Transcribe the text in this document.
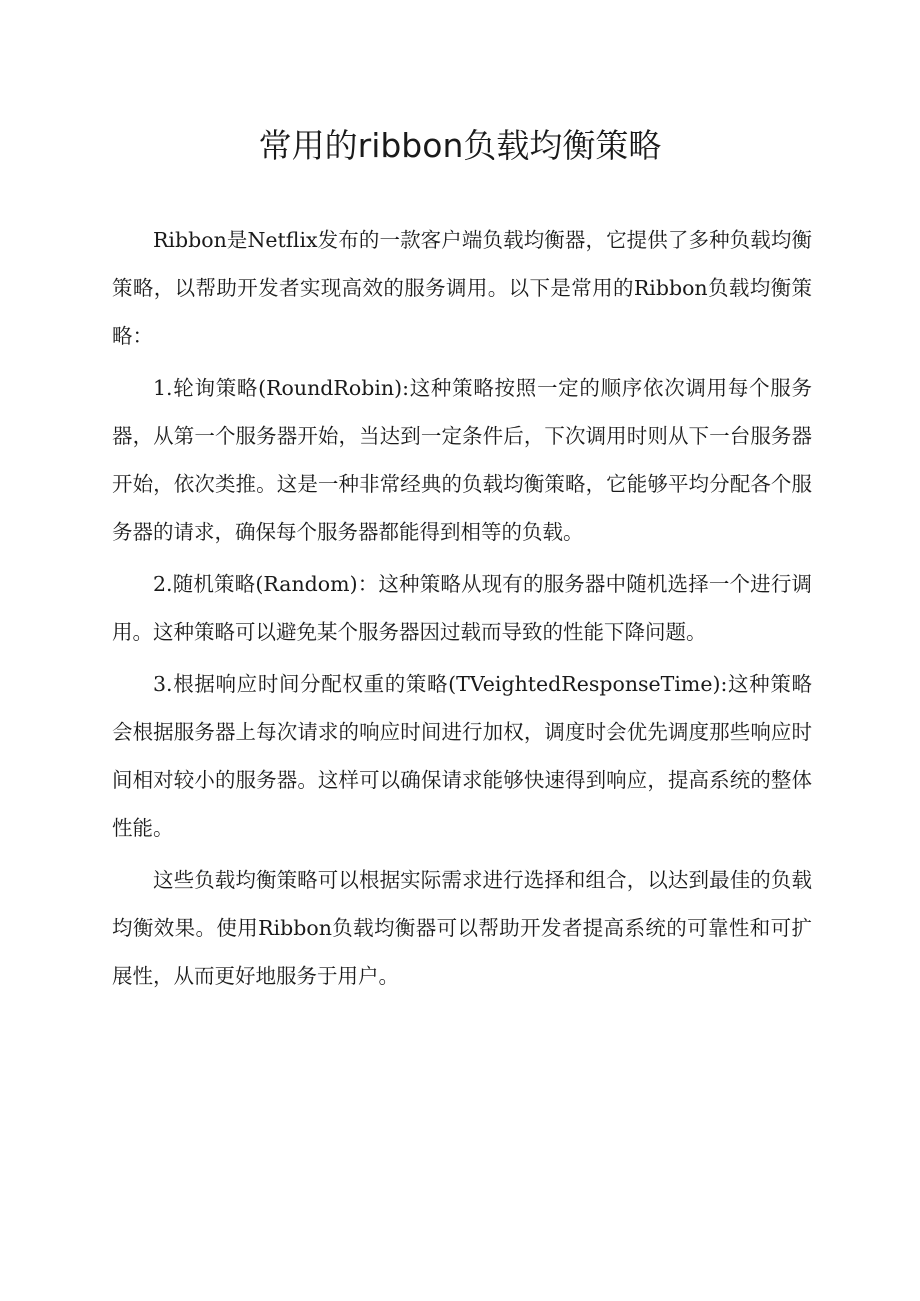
常用的ribbon负载均衡策略

Ribbon是Netflix发布的一款客户端负载均衡器，它提供了多种负载均衡策略，以帮助开发者实现高效的服务调用。以下是常用的Ribbon负载均衡策略：

1.轮询策略(RoundRobin):这种策略按照一定的顺序依次调用每个服务器，从第一个服务器开始，当达到一定条件后，下次调用时则从下一台服务器开始，依次类推。这是一种非常经典的负载均衡策略，它能够平均分配各个服务器的请求，确保每个服务器都能得到相等的负载。

2.随机策略(Random)：这种策略从现有的服务器中随机选择一个进行调用。这种策略可以避免某个服务器因过载而导致的性能下降问题。

3.根据响应时间分配权重的策略(TVeightedResponseTime):这种策略会根据服务器上每次请求的响应时间进行加权，调度时会优先调度那些响应时间相对较小的服务器。这样可以确保请求能够快速得到响应，提高系统的整体性能。

这些负载均衡策略可以根据实际需求进行选择和组合，以达到最佳的负载均衡效果。使用Ribbon负载均衡器可以帮助开发者提高系统的可靠性和可扩展性，从而更好地服务于用户。
